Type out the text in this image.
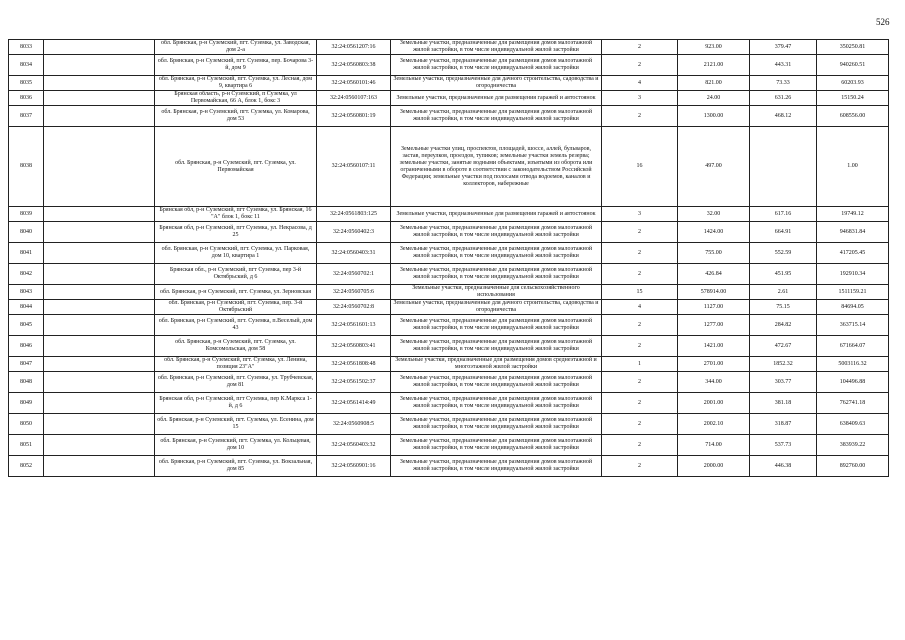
526
8033		обл. Брянская, р-н Суземский, пгт. Суземка, ул. Заводская, дом 2-а	32:24:0561207:16	Земельные участки, предназначенные для размещения домов малоэтажной жилой застройки, в том числе индивидуальной жилой застройки	2	923.00	379.47	350250.81
8034		обл. Брянская, р-н Суземский, пгт. Суземка, пер. Бочарова 3-й, дом 9	32:24:0560803:38	Земельные участки, предназначенные для размещения домов малоэтажной жилой застройки, в том числе индивидуальной жилой застройки	2	2121.00	443.31	940260.51
8035		обл. Брянская, р-н Суземский, пгт. Суземка, ул. Лесная, дом 9, квартира 6	32:24:0560101:46	Земельные участки, предназначенные для дачного строительства, садоводства и огородничества	4	821.00	73.33	60203.93
8036		Брянская область, р-н Суземский, п Суземка, ул Первомайская, 66 А, блок 1, бокс 3	32:24:0560107:163	Земельные участки, предназначенные для размещения гаражей и автостоянок	3	24.00	631.26	15150.24
8037		обл. Брянская, р-н Суземский, пгт. Суземка, ул. Комарова, дом 53	32:24:0560801:19	Земельные участки, предназначенные для размещения домов малоэтажной жилой застройки, в том числе индивидуальной жилой застройки	2	1300.00	468.12	608556.00
8038		обл. Брянская, р-н Суземский, пгт. Суземка, ул. Первомайская	32:24:0560107:11	Земельные участки улиц, проспектов, площадей, шоссе, аллей, бульваров, застав, переулков, проездов, тупиков; земельные участки земель резерва; земельные участки, занятые водными объектами, изъятыми из оборота или ограниченными в обороте в соответствии с законодательством Российской Федерации; земельные участки под полосами отвода водоемов, каналов и коллекторов, набережные	16	497.00		1.00
8039		Брянская обл, р-н Суземский, пгт Суземка, ул. Брянская, 16 "А" блок 1, бокс 11	32:24:0561803:125	Земельные участки, предназначенные для размещения гаражей и автостоянок	3	32.00	617.16	19749.12
8040		Брянская обл, р-н Суземский, пгт Суземка, ул. Некрасова, д 25	32:24:0560402:3	Земельные участки, предназначенные для размещения домов малоэтажной жилой застройки, в том числе индивидуальной жилой застройки	2	1424.00	664.91	946831.84
8041		обл. Брянская, р-н Суземский, пгт. Суземка, ул. Парковая, дом 10, квартира 1	32:24:0560403:31	Земельные участки, предназначенные для размещения домов малоэтажной жилой застройки, в том числе индивидуальной жилой застройки	2	755.00	552.59	417205.45
8042		Брянская обл., р-н Суземский, пгт Суземка, пер 3-й Октябрьский, д 6	32:24:0560702:1	Земельные участки, предназначенные для размещения домов малоэтажной жилой застройки, в том числе индивидуальной жилой застройки	2	426.84	451.95	192910.34
8043		обл. Брянская, р-н Суземский, пгт. Суземка, ул. Зерновская	32:24:0560705:6	Земельные участки, предназначенные для сельскохозяйственного использования	15	578914.00	2.61	1511159.21
8044		обл. Брянская, р-н Суземский, пгт. Суземка, пер. 3-й Октябрьский	32:24:0560702:8	Земельные участки, предназначенные для дачного строительства, садоводства и огородничества	4	1127.00	75.15	84694.05
8045		обл. Брянская, р-н Суземский, пгт. Суземка, п.Веселый, дом 43	32:24:0561601:13	Земельные участки, предназначенные для размещения домов малоэтажной жилой застройки, в том числе индивидуальной жилой застройки	2	1277.00	284.82	363715.14
8046		обл. Брянская, р-н Суземский, пгт. Суземка, ул. Комсомольская, дом 58	32:24:0560803:41	Земельные участки, предназначенные для размещения домов малоэтажной жилой застройки, в том числе индивидуальной жилой застройки	2	1421.00	472.67	671664.07
8047		обл. Брянская, р-н Суземский, пгт. Суземка, ул. Ленина, позиция 23"А"	32:24:0561808:48	Земельные участки, предназначенные для размещения домов среднеэтажной и многоэтажной жилой застройки	1	2701.00	1852.32	5003116.32
8048		обл. Брянская, р-н Суземский, пгт. Суземка, ул. Трубчевская, дом 81	32:24:0561502:37	Земельные участки, предназначенные для размещения домов малоэтажной жилой застройки, в том числе индивидуальной жилой застройки	2	344.00	303.77	104496.88
8049		Брянская обл, р-н Суземский, пгт Суземка, пер К.Маркса 1-й, д 6	32:24:0561414:49	Земельные участки, предназначенные для размещения домов малоэтажной жилой застройки, в том числе индивидуальной жилой застройки	2	2001.00	381.18	762741.18
8050		обл. Брянская, р-н Суземский, пгт. Суземка, ул. Есенина, дом 15	32:24:0560908:5	Земельные участки, предназначенные для размещения домов малоэтажной жилой застройки, в том числе индивидуальной жилой застройки	2	2002.10	318.87	638409.63
8051		обл. Брянская, р-н Суземский, пгт. Суземка, ул. Кольцевая, дом 10	32:24:0560403:32	Земельные участки, предназначенные для размещения домов малоэтажной жилой застройки, в том числе индивидуальной жилой застройки	2	714.00	537.73	383939.22
8052		обл. Брянская, р-н Суземский, пгт. Суземка, ул. Вокзальная, дом 85	32:24:0560901:16	Земельные участки, предназначенные для размещения домов малоэтажной жилой застройки, в том числе индивидуальной жилой застройки	2	2000.00	446.38	892760.00
